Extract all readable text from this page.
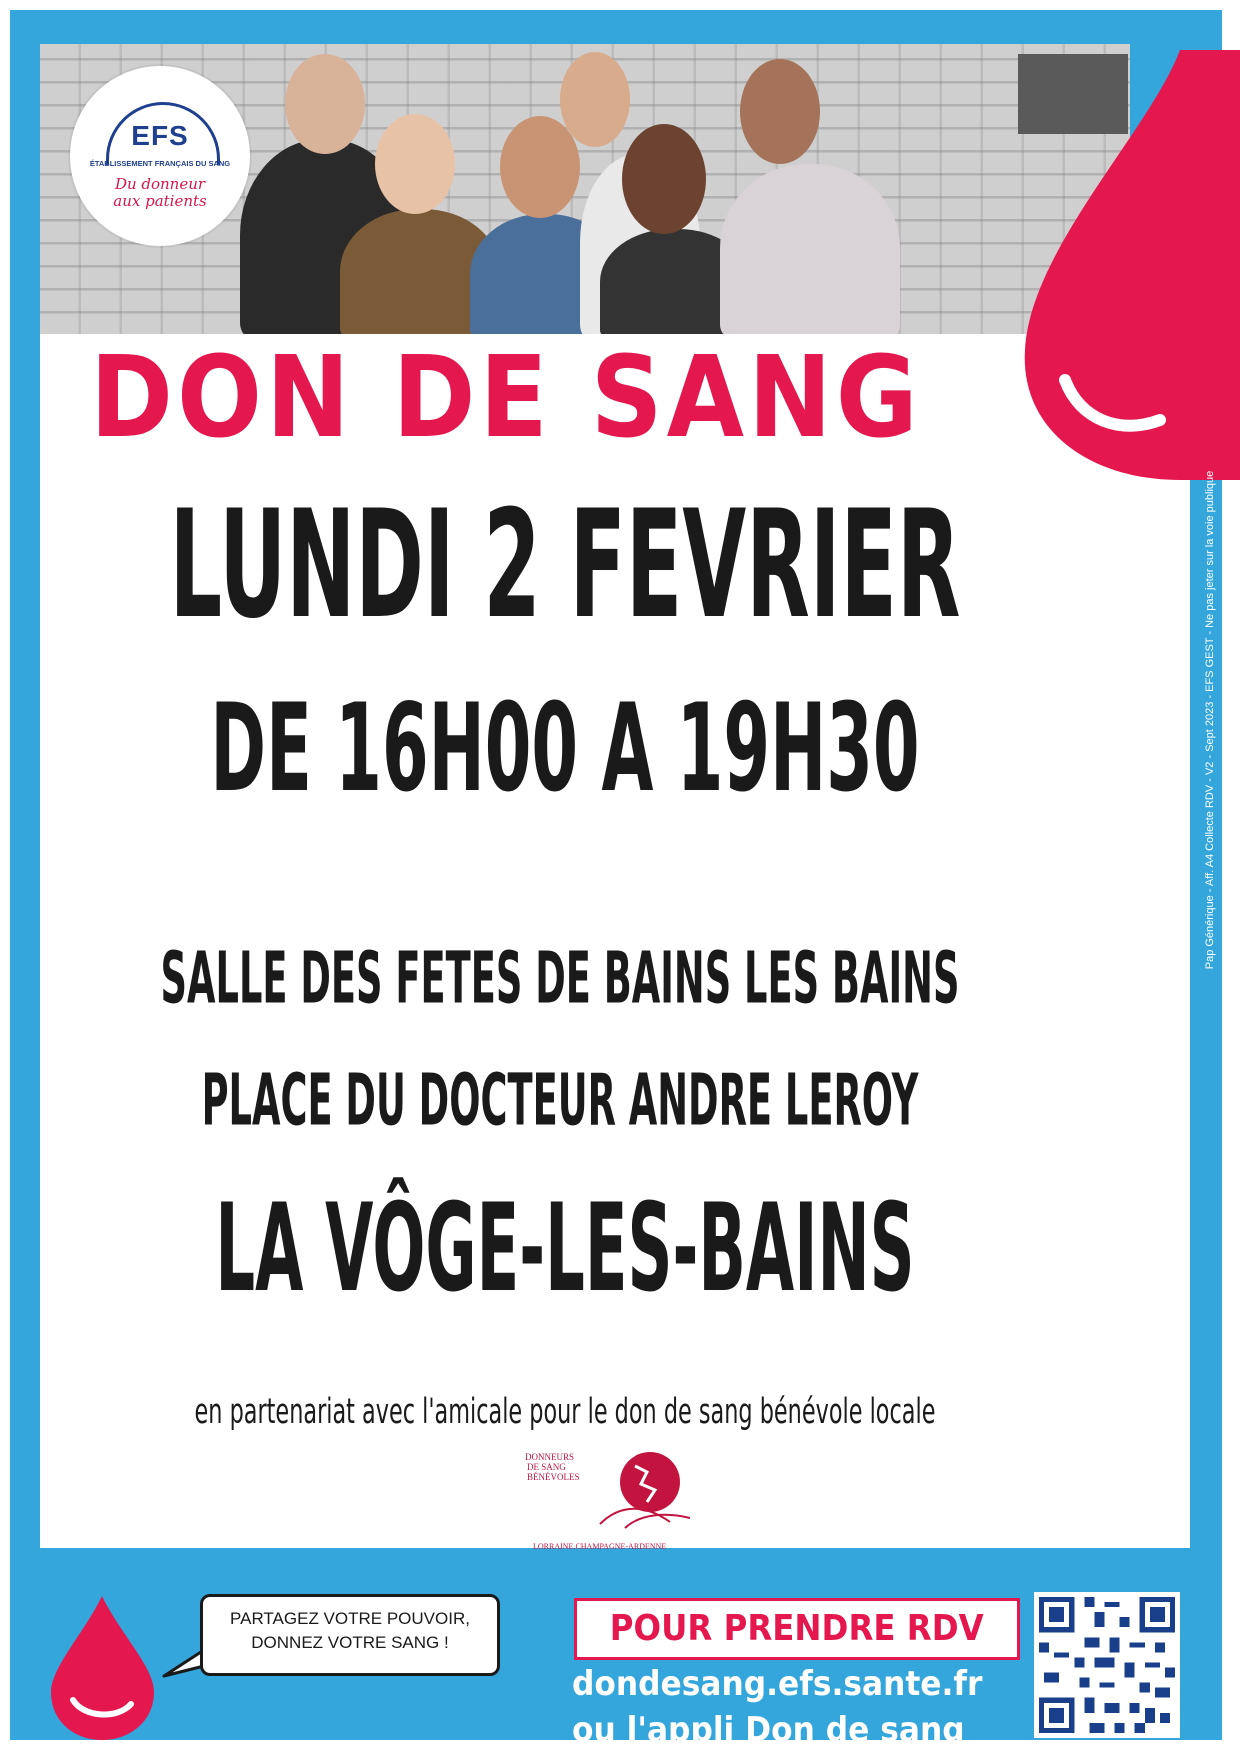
EFS
ÉTABLISSEMENT FRANÇAIS DU SANG
Du donneur
aux patients
DON DE SANG
LUNDI 2 FEVRIER
DE 16H00 A 19H30
SALLE DES FETES DE BAINS LES BAINS
PLACE DU DOCTEUR ANDRE LEROY
LA VÔGE-LES-BAINS
en partenariat avec l'amicale pour le don de sang bénévole locale
DONNEURS
DE SANG
BÉNÉVOLES
LORRAINE.CHAMPAGNE-ARDENNE
Pap Générique - Aff. A4 Collecte RDV - V2 - Sept 2023 - EFS GEST - Ne pas jeter sur la voie publique
PARTAGEZ VOTRE POUVOIR,
DONNEZ VOTRE SANG !	POUR PRENDRE RDV
dondesang.efs.sante.fr
ou l'appli Don de sang
